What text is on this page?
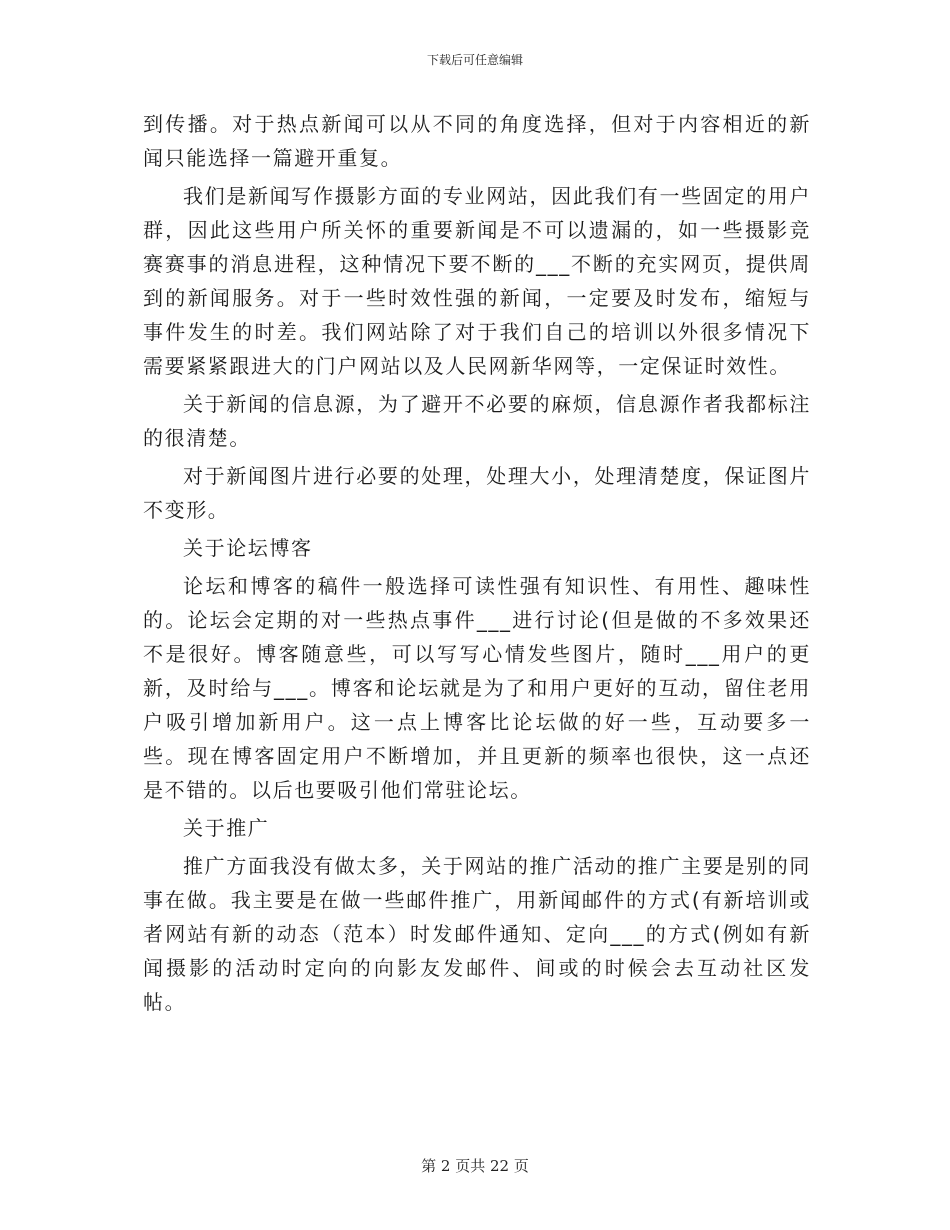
下载后可任意编辑

到传播。对于热点新闻可以从不同的角度选择，但对于内容相近的新闻只能选择一篇避开重复。

我们是新闻写作摄影方面的专业网站，因此我们有一些固定的用户群，因此这些用户所关怀的重要新闻是不可以遗漏的，如一些摄影竞赛赛事的消息进程，这种情况下要不断的___不断的充实网页，提供周到的新闻服务。对于一些时效性强的新闻，一定要及时发布，缩短与事件发生的时差。我们网站除了对于我们自己的培训以外很多情况下需要紧紧跟进大的门户网站以及人民网新华网等，一定保证时效性。

关于新闻的信息源，为了避开不必要的麻烦，信息源作者我都标注的很清楚。

对于新闻图片进行必要的处理，处理大小，处理清楚度，保证图片不变形。

关于论坛博客

论坛和博客的稿件一般选择可读性强有知识性、有用性、趣味性的。论坛会定期的对一些热点事件___进行讨论(但是做的不多效果还不是很好。博客随意些，可以写写心情发些图片，随时___用户的更新，及时给与___。博客和论坛就是为了和用户更好的互动，留住老用户吸引增加新用户。这一点上博客比论坛做的好一些，互动要多一些。现在博客固定用户不断增加，并且更新的频率也很快，这一点还是不错的。以后也要吸引他们常驻论坛。

关于推广

推广方面我没有做太多，关于网站的推广活动的推广主要是别的同事在做。我主要是在做一些邮件推广，用新闻邮件的方式(有新培训或者网站有新的动态（范本）时发邮件通知、定向___的方式(例如有新闻摄影的活动时定向的向影友发邮件、间或的时候会去互动社区发帖。

第 2 页共 22 页
